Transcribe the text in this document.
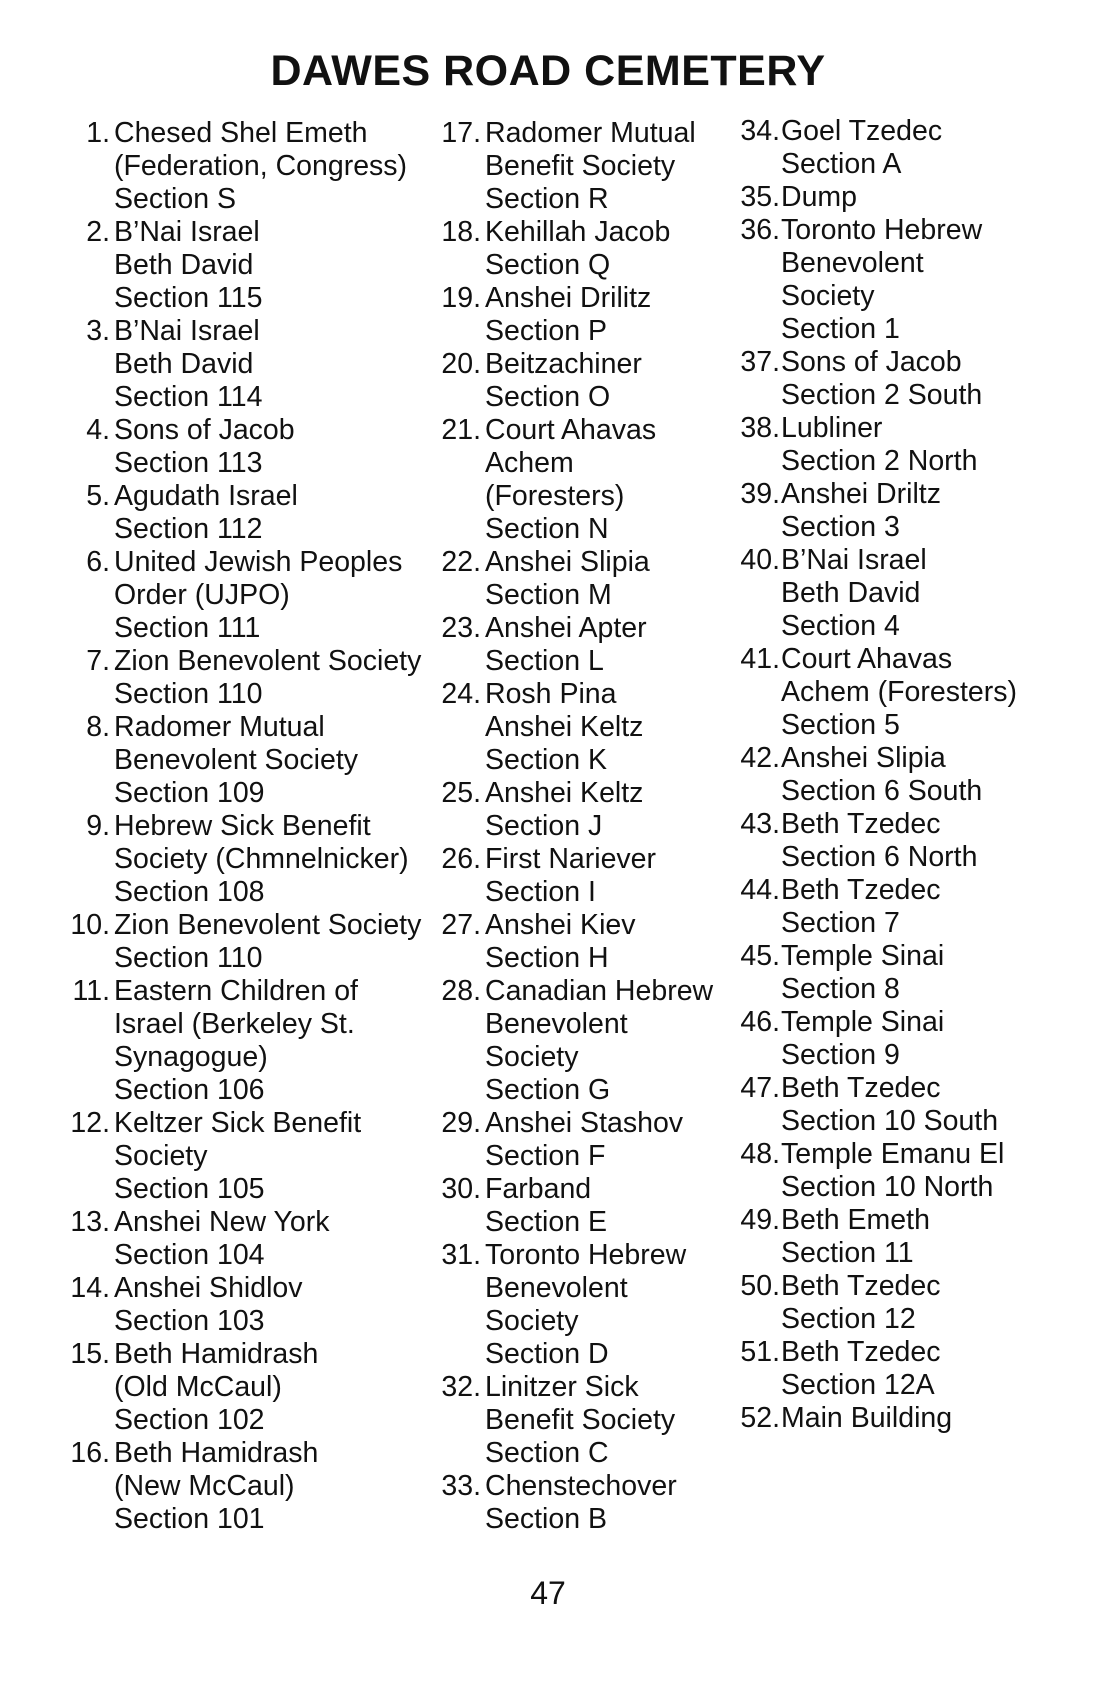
DAWES ROAD CEMETERY
1. Chesed Shel Emeth
(Federation, Congress)
Section S
2. B’Nai Israel
Beth David
Section 115
3. B’Nai Israel
Beth David
Section 114
4. Sons of Jacob
Section 113
5. Agudath Israel
Section 112
6. United Jewish Peoples
Order (UJPO)
Section 111
7. Zion Benevolent Society
Section 110
8. Radomer Mutual
Benevolent Society
Section 109
9. Hebrew Sick Benefit
Society (Chmnelnicker)
Section 108
10. Zion Benevolent Society
Section 110
11. Eastern Children of
Israel (Berkeley St.
Synagogue)
Section 106
12. Keltzer Sick Benefit
Society
Section 105
13. Anshei New York
Section 104
14. Anshei Shidlov
Section 103
15. Beth Hamidrash
(Old McCaul)
Section 102
16. Beth Hamidrash
(New McCaul)
Section 101
17. Radomer Mutual
Benefit Society
Section R
18. Kehillah Jacob
Section Q
19. Anshei Drilitz
Section P
20. Beitzachiner
Section O
21. Court Ahavas
Achem
(Foresters)
Section N
22. Anshei Slipia
Section M
23. Anshei Apter
Section L
24. Rosh Pina
Anshei Keltz
Section K
25. Anshei Keltz
Section J
26. First Nariever
Section I
27. Anshei Kiev
Section H
28. Canadian Hebrew
Benevolent
Society
Section G
29. Anshei Stashov
Section F
30. Farband
Section E
31. Toronto Hebrew
Benevolent
Society
Section D
32. Linitzer Sick
Benefit Society
Section C
33. Chenstechover
Section B
34. Goel Tzedec
Section A
35. Dump
36. Toronto Hebrew
Benevolent
Society
Section 1
37. Sons of Jacob
Section 2 South
38. Lubliner
Section 2 North
39. Anshei Driltz
Section 3
40. B’Nai Israel
Beth David
Section 4
41. Court Ahavas
Achem (Foresters)
Section 5
42. Anshei Slipia
Section 6 South
43. Beth Tzedec
Section 6 North
44. Beth Tzedec
Section 7
45. Temple Sinai
Section 8
46. Temple Sinai
Section 9
47. Beth Tzedec
Section 10 South
48. Temple Emanu El
Section 10 North
49. Beth Emeth
Section 11
50. Beth Tzedec
Section 12
51. Beth Tzedec
Section 12A
52. Main Building
47
